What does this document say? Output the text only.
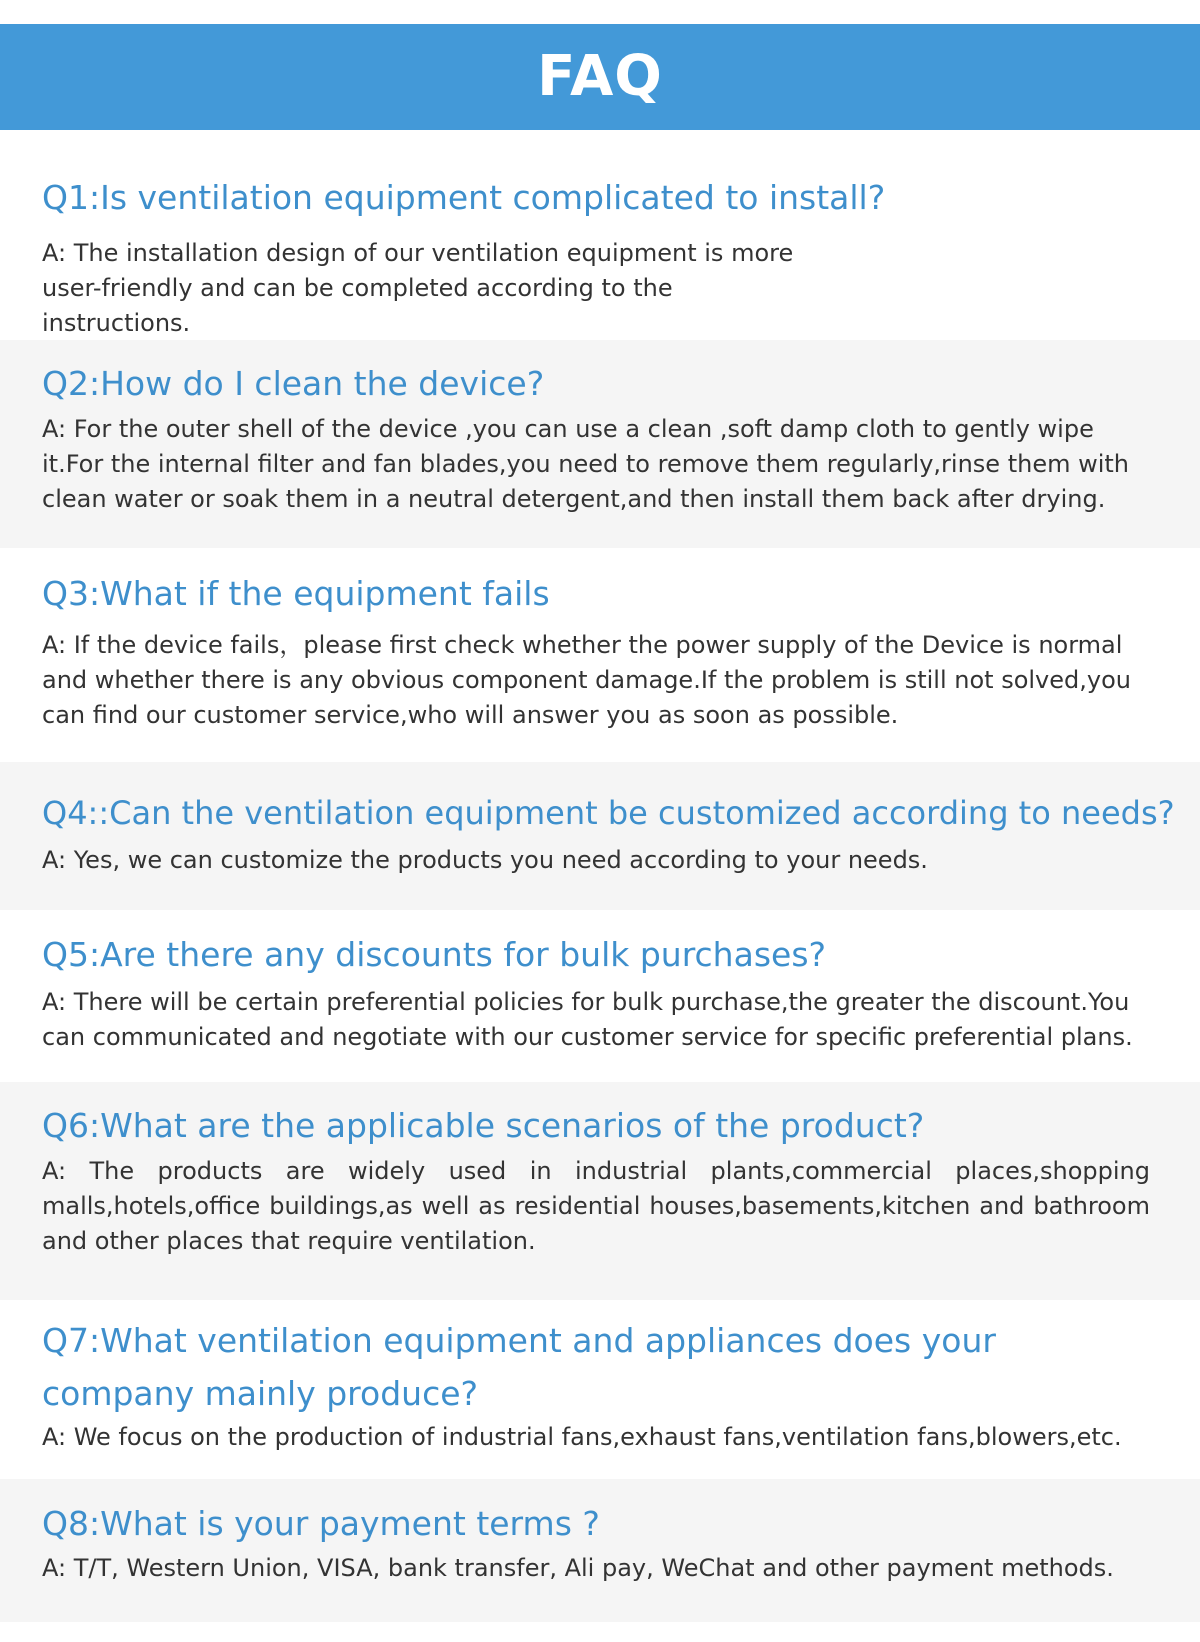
FAQ
Q1:Is ventilation equipment complicated to install?
A: The installation design of our ventilation equipment is more user-friendly and can be completed according to the instructions.
Q2:How do I clean the device?
A: For the outer shell of the device ,you can use a clean ,soft damp cloth to gently wipe it.For the internal filter and fan blades,you need to remove them regularly,rinse them with clean water or soak them in a neutral detergent,and then install them back after drying.
Q3:What if the equipment fails
A: If the device fails，please first check whether the power supply of the Device is normal and whether there is any obvious component damage.If the problem is still not solved,you can find our customer service,who will answer you as soon as possible.
Q4::Can the ventilation equipment be customized according to needs?
A: Yes, we can customize the products you need according to your needs.
Q5:Are there any discounts for bulk purchases?
A: There will be certain preferential policies for bulk purchase,the greater the discount.You can communicated and negotiate with our customer service for specific preferential plans.
Q6:What are the applicable scenarios of the product?
A: The products are widely used in industrial plants,commercial places,shopping malls,hotels,office buildings,as well as residential houses,basements,kitchen and bathroom and other places that require ventilation.
Q7:What ventilation equipment and appliances does your company mainly produce?
A: We focus on the production of industrial fans,exhaust fans,ventilation fans,blowers,etc.
Q8:What is your payment terms ?
A: T/T, Western Union, VISA, bank transfer, Ali pay, WeChat and other payment methods.
